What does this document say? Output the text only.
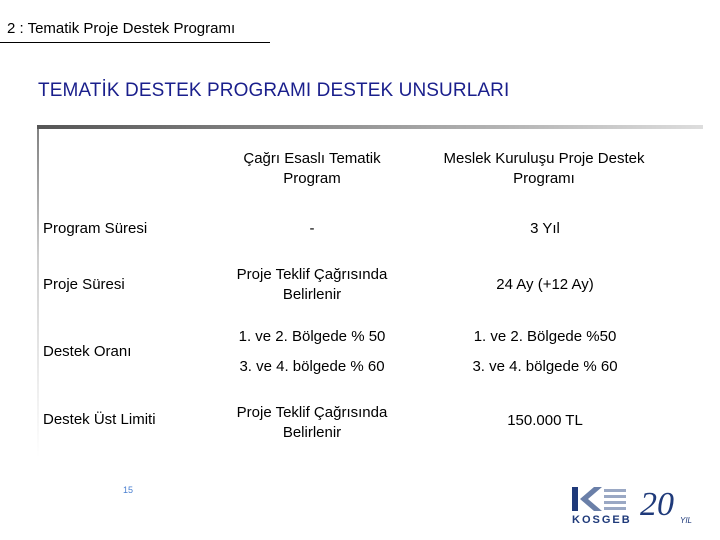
2 : Tematik Proje Destek Programı
TEMATİK DESTEK PROGRAMI DESTEK UNSURLARI
Çağrı Esaslı Tematik Program
Meslek Kuruluşu Proje Destek Programı
Program Süresi
Proje Süresi
Destek Oranı
Destek Üst Limiti
-	3 Yıl
Proje Teklif Çağrısında Belirlenir
24 Ay (+12 Ay)
1. ve 2. Bölgede % 50
3. ve 4. bölgede % 60
1. ve 2. Bölgede %50
3. ve 4. bölgede % 60
Proje Teklif Çağrısında Belirlenir
150.000 TL
15	20 YIL
KOSGEB
